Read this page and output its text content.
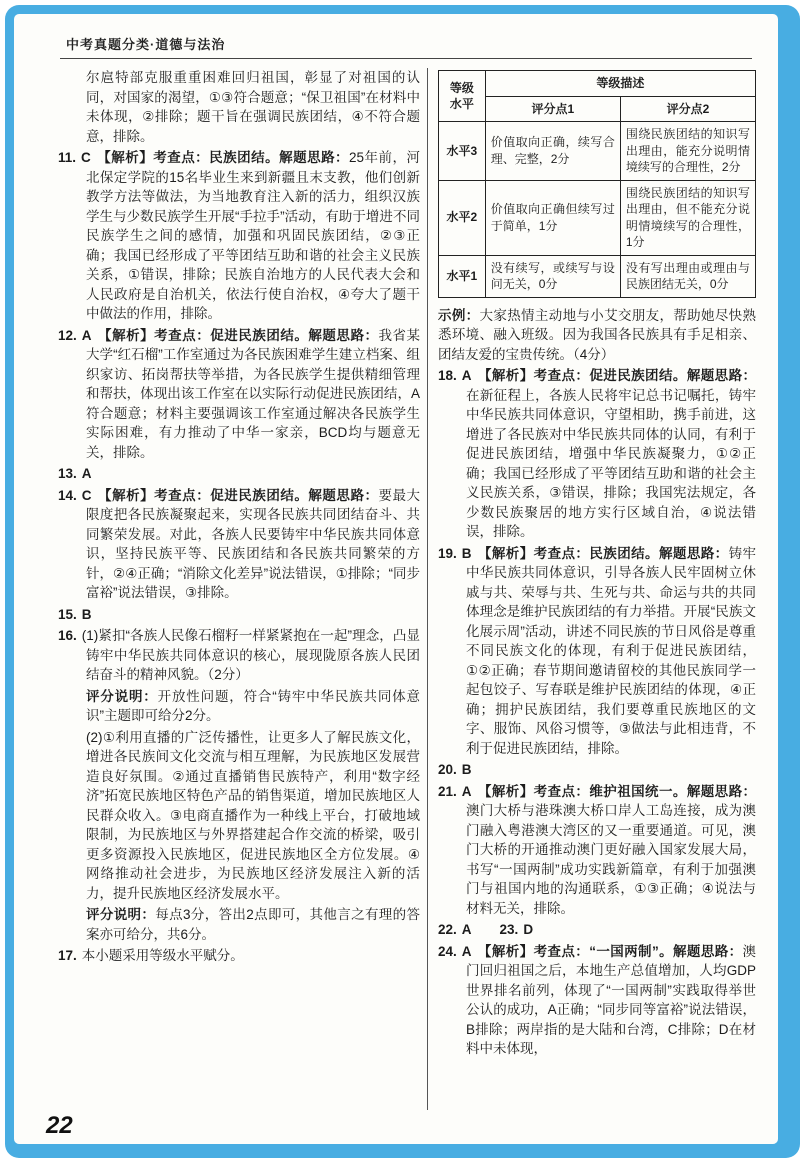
中考真题分类·道德与法治

尔扈特部克服重重困难回归祖国，彰显了对祖国的认同，对国家的渴望，①③符合题意；“保卫祖国”在材料中未体现，②排除；题干旨在强调民族团结，④不符合题意，排除。

11. C 【解析】考查点：民族团结。解题思路：25年前，河北保定学院的15名毕业生来到新疆且末支教，他们创新教学方法等做法，为当地教育注入新的活力，组织汉族学生与少数民族学生开展“手拉手”活动，有助于增进不同民族学生之间的感情，加强和巩固民族团结，②③正确；我国已经形成了平等团结互助和谐的社会主义民族关系，①错误，排除；民族自治地方的人民代表大会和人民政府是自治机关，依法行使自治权，④夸大了题干中做法的作用，排除。

12. A 【解析】考查点：促进民族团结。解题思路：我省某大学“红石榴”工作室通过为各民族困难学生建立档案、组织家访、拓岗帮扶等举措，为各民族学生提供精细管理和帮扶，体现出该工作室在以实际行动促进民族团结，A符合题意；材料主要强调该工作室通过解决各民族学生实际困难，有力推动了中华一家亲，BCD均与题意无关，排除。

13. A

14. C 【解析】考查点：促进民族团结。解题思路：要最大限度把各民族凝聚起来，实现各民族共同团结奋斗、共同繁荣发展。对此，各族人民要铸牢中华民族共同体意识，坚持民族平等、民族团结和各民族共同繁荣的方针，②④正确；“消除文化差异”说法错误，①排除；“同步富裕”说法错误，③排除。

15. B

16. (1)紧扣“各族人民像石榴籽一样紧紧抱在一起”理念，凸显铸牢中华民族共同体意识的核心，展现陇原各族人民团结奋斗的精神风貌。（2分）

评分说明：开放性问题，符合“铸牢中华民族共同体意识”主题即可给分2分。

(2)①利用直播的广泛传播性，让更多人了解民族文化，增进各民族间文化交流与相互理解，为民族地区发展营造良好氛围。②通过直播销售民族特产，利用“数字经济”拓宽民族地区特色产品的销售渠道，增加民族地区人民群众收入。③电商直播作为一种线上平台，打破地域限制，为民族地区与外界搭建起合作交流的桥梁，吸引更多资源投入民族地区，促进民族地区全方位发展。④网络推动社会进步，为民族地区经济发展注入新的活力，提升民族地区经济发展水平。

评分说明：每点3分，答出2点即可，其他言之有理的答案亦可给分，共6分。

17. 本小题采用等级水平赋分。

等级水平	等级描述	
	评分点1	评分点2
水平3	价值取向正确，续写合理、完整，2分	围绕民族团结的知识写出理由，能充分说明情境续写的合理性，2分
水平2	价值取向正确但续写过于简单，1分	围绕民族团结的知识写出理由，但不能充分说明情境续写的合理性，1分
水平1	没有续写，或续写与设问无关，0分	没有写出理由或理由与民族团结无关，0分

示例：大家热情主动地与小艾交朋友，帮助她尽快熟悉环境、融入班级。因为我国各民族具有手足相亲、团结友爱的宝贵传统。（4分）

18. A 【解析】考查点：促进民族团结。解题思路：在新征程上，各族人民将牢记总书记嘱托，铸牢中华民族共同体意识，守望相助，携手前进，这增进了各民族对中华民族共同体的认同，有利于促进民族团结，增强中华民族凝聚力，①②正确；我国已经形成了平等团结互助和谐的社会主义民族关系，③错误，排除；我国宪法规定，各少数民族聚居的地方实行区域自治，④说法错误，排除。

19. B 【解析】考查点：民族团结。解题思路：铸牢中华民族共同体意识，引导各族人民牢固树立休戚与共、荣辱与共、生死与共、命运与共的共同体理念是维护民族团结的有力举措。开展“民族文化展示周”活动，讲述不同民族的节日风俗是尊重不同民族文化的体现，有利于促进民族团结，①②正确；春节期间邀请留校的其他民族同学一起包饺子、写春联是维护民族团结的体现，④正确；拥护民族团结，我们要尊重民族地区的文字、服饰、风俗习惯等，③做法与此相违背，不利于促进民族团结，排除。

20. B

21. A 【解析】考查点：维护祖国统一。解题思路：澳门大桥与港珠澳大桥口岸人工岛连接，成为澳门融入粤港澳大湾区的又一重要通道。可见，澳门大桥的开通推动澳门更好融入国家发展大局，书写“一国两制”成功实践新篇章，有利于加强澳门与祖国内地的沟通联系，①③正确；④说法与材料无关，排除。

22. A 23. D

24. A 【解析】考查点：“一国两制”。解题思路：澳门回归祖国之后，本地生产总值增加，人均GDP世界排名前列，体现了“一国两制”实践取得举世公认的成功，A正确；“同步同等富裕”说法错误，B排除；两岸指的是大陆和台湾，C排除；D在材料中未体现，

22
